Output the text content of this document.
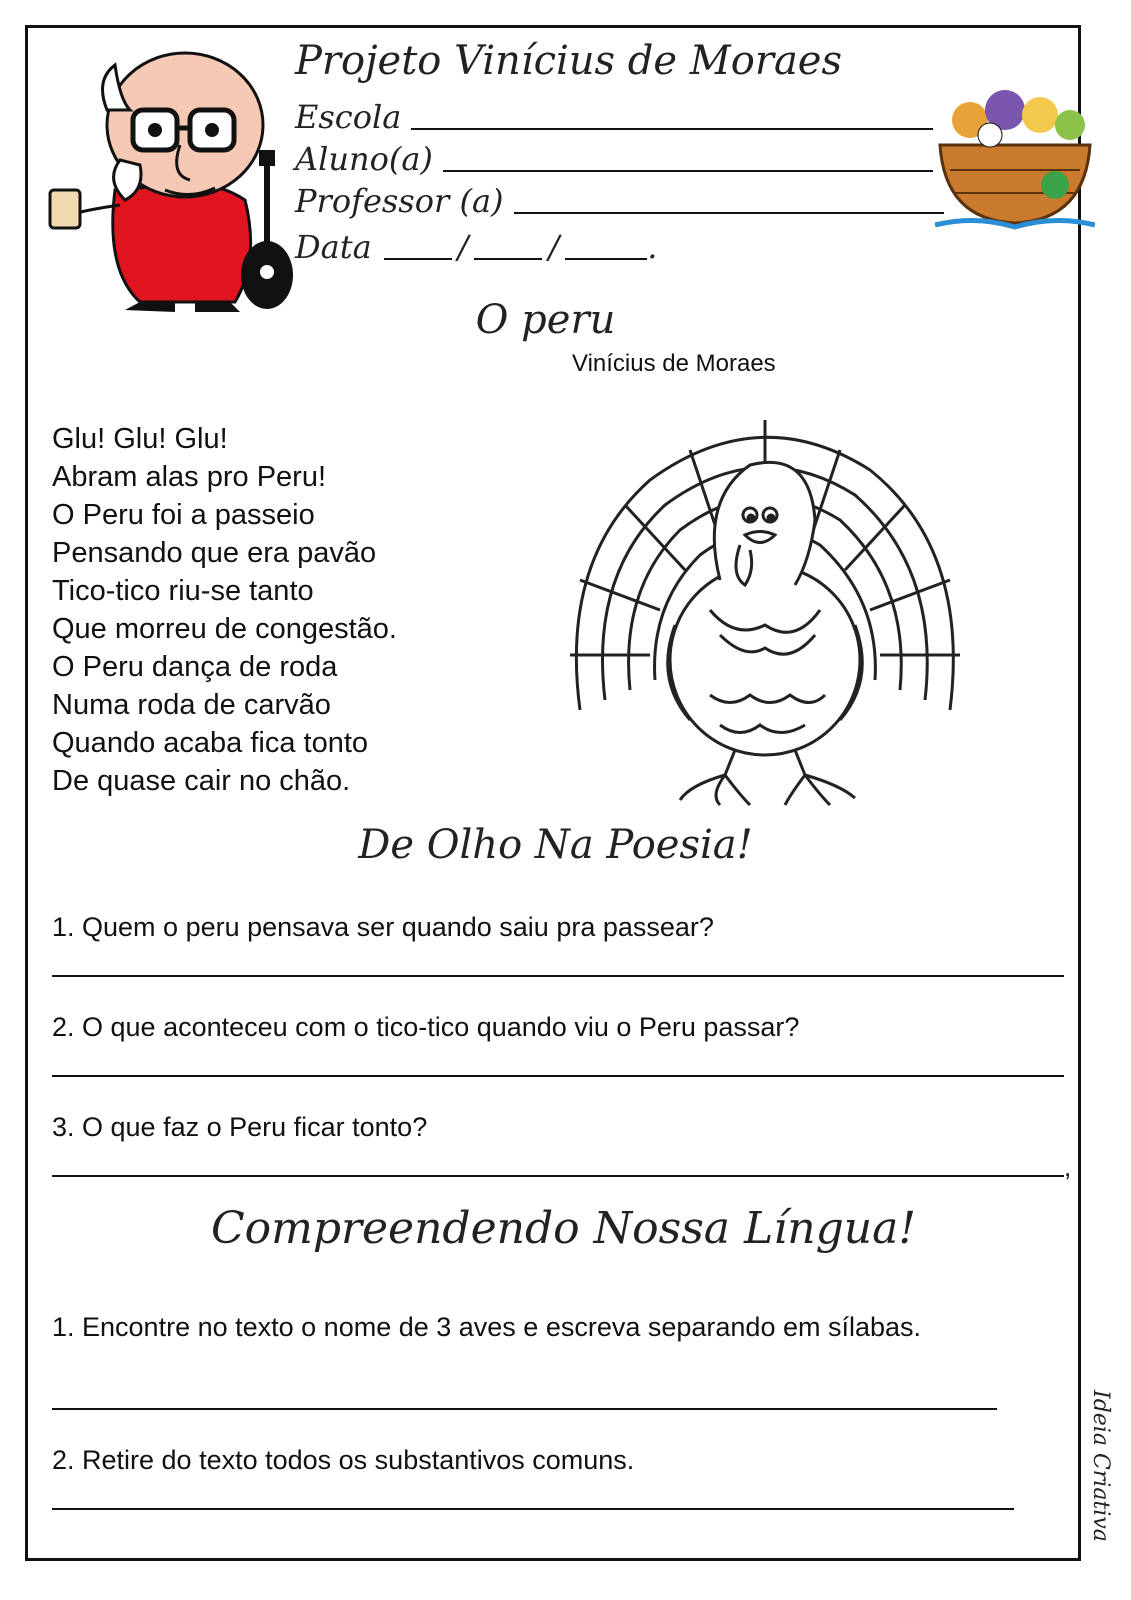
Projeto Vinícius de Moraes
Escola
Aluno(a)
Professor (a)
Data	/	/	.
O peru
Vinícius de Moraes
Glu! Glu! Glu!
Abram alas pro Peru!
O Peru foi a passeio
Pensando que era pavão
Tico-tico riu-se tanto
Que morreu de congestão.
O Peru dança de roda
Numa roda de carvão
Quando acaba fica tonto
De quase cair no chão.
De Olho Na Poesia!
1. Quem o peru pensava ser quando saiu pra passear?
2. O que aconteceu com o tico-tico quando viu o Peru passar?
3. O que faz o Peru ficar tonto?
,
Compreendendo Nossa Língua!
1. Encontre no texto o nome de 3 aves e escreva separando em sílabas.
2. Retire do texto todos os substantivos comuns.	Ideia Criativa
